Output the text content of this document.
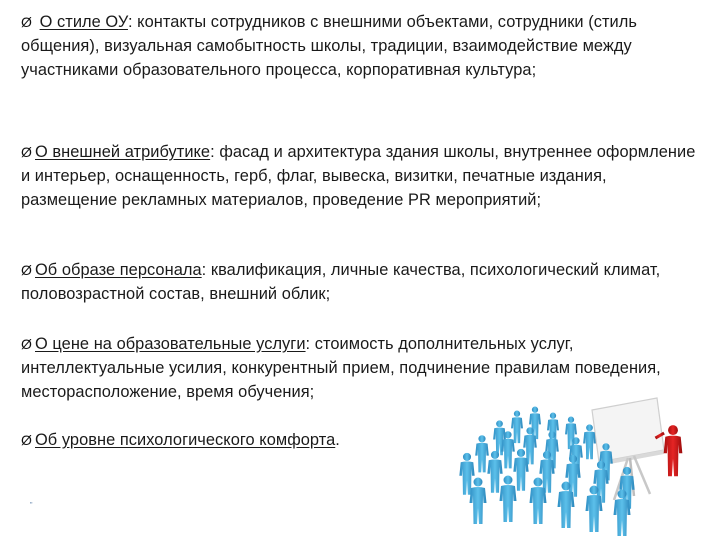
Ø О стиле ОУ: контакты сотрудников с внешними объектами, сотрудники (стиль общения), визуальная самобытность школы, традиции, взаимодействие между участниками образовательного процесса, корпоративная культура;
Ø О внешней атрибутике: фасад и архитектура здания школы, внутреннее оформление и интерьер, оснащенность, герб, флаг, вывеска, визитки, печатные издания, размещение рекламных материалов, проведение PR мероприятий;
Ø Об образе персонала: квалификация, личные качества, психологический климат, половозрастной состав, внешний облик;
Ø О цене на образовательные услуги: стоимость дополнительных услуг, интеллектуальные усилия, конкурентный прием, подчинение правилам поведения, месторасположение, время обучения;
Ø Об уровне психологического комфорта.
"
